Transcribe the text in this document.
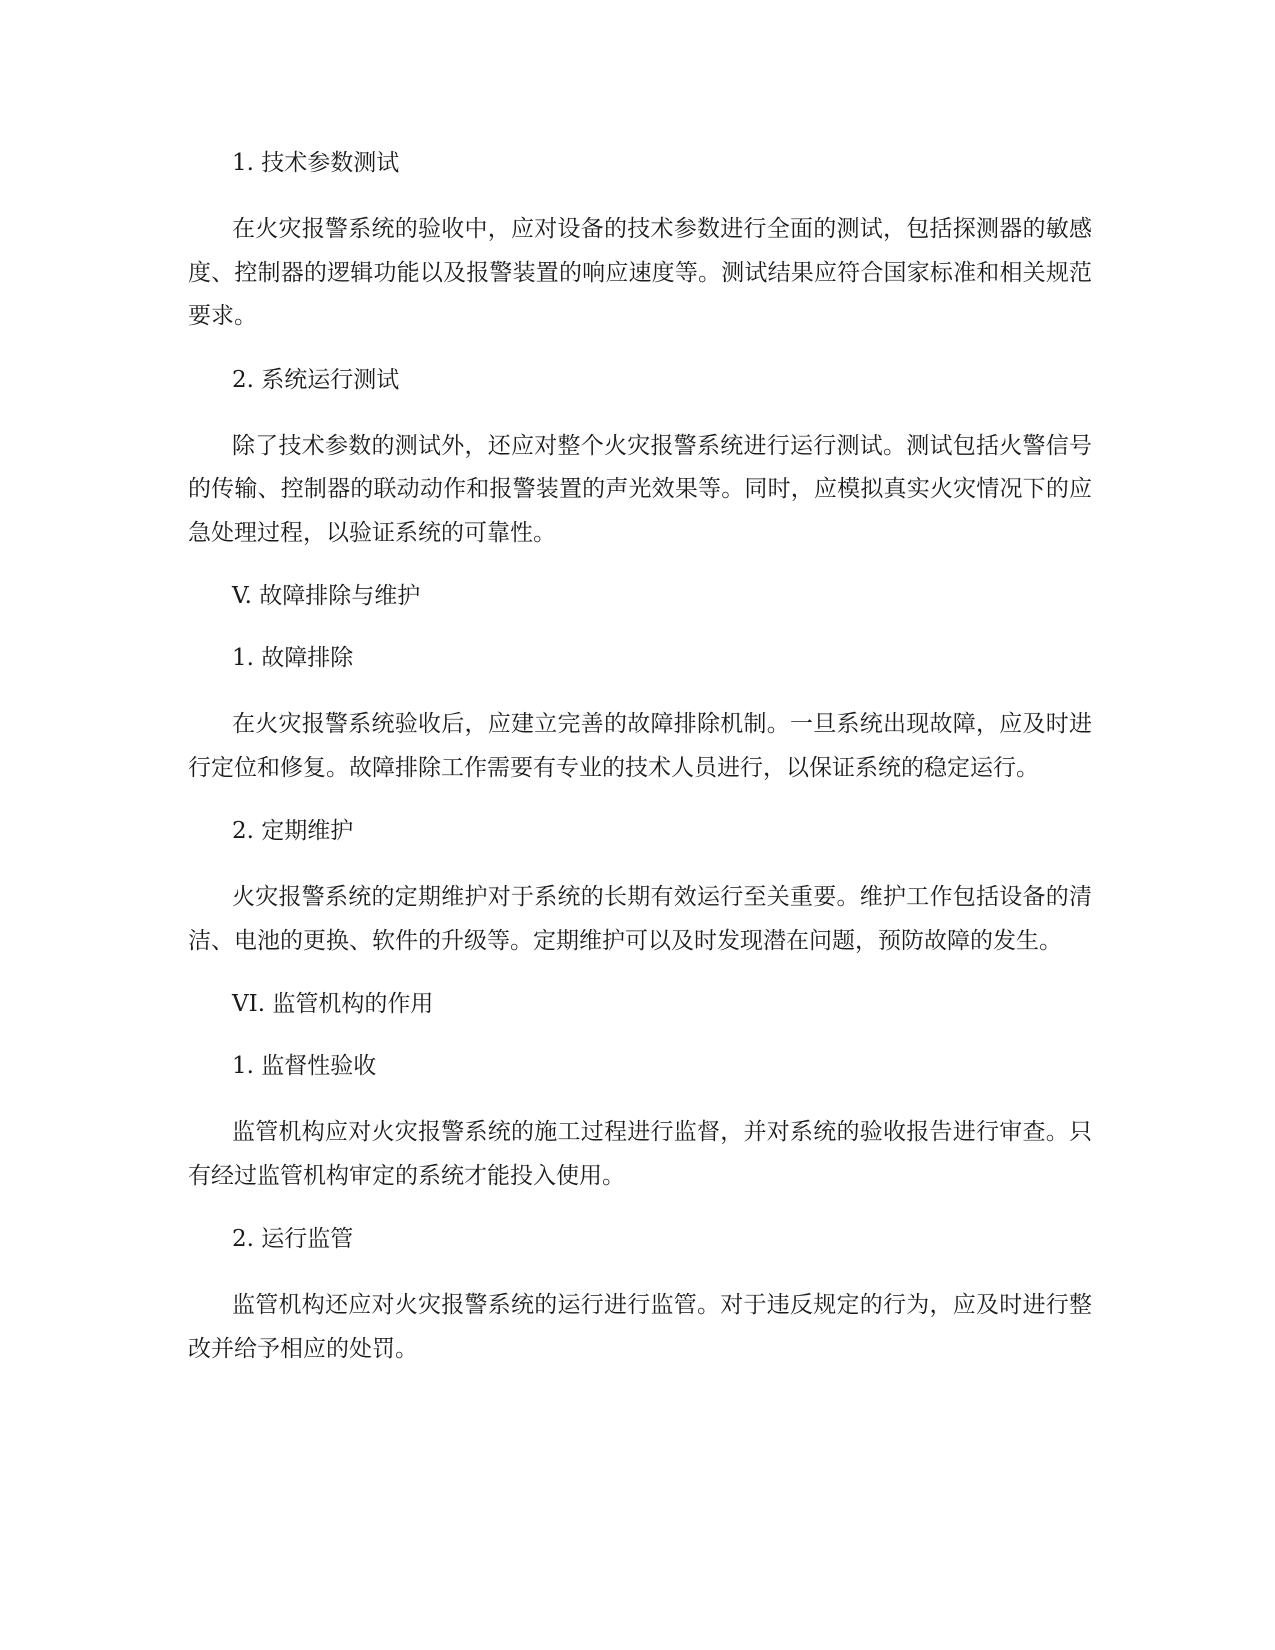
1. 技术参数测试

在火灾报警系统的验收中，应对设备的技术参数进行全面的测试，包括探测器的敏感度、控制器的逻辑功能以及报警装置的响应速度等。测试结果应符合国家标准和相关规范要求。

2. 系统运行测试

除了技术参数的测试外，还应对整个火灾报警系统进行运行测试。测试包括火警信号的传输、控制器的联动动作和报警装置的声光效果等。同时，应模拟真实火灾情况下的应急处理过程，以验证系统的可靠性。

V. 故障排除与维护

1. 故障排除

在火灾报警系统验收后，应建立完善的故障排除机制。一旦系统出现故障，应及时进行定位和修复。故障排除工作需要有专业的技术人员进行，以保证系统的稳定运行。

2. 定期维护

火灾报警系统的定期维护对于系统的长期有效运行至关重要。维护工作包括设备的清洁、电池的更换、软件的升级等。定期维护可以及时发现潜在问题，预防故障的发生。

VI. 监管机构的作用

1. 监督性验收

监管机构应对火灾报警系统的施工过程进行监督，并对系统的验收报告进行审查。只有经过监管机构审定的系统才能投入使用。

2. 运行监管

监管机构还应对火灾报警系统的运行进行监管。对于违反规定的行为，应及时进行整改并给予相应的处罚。
